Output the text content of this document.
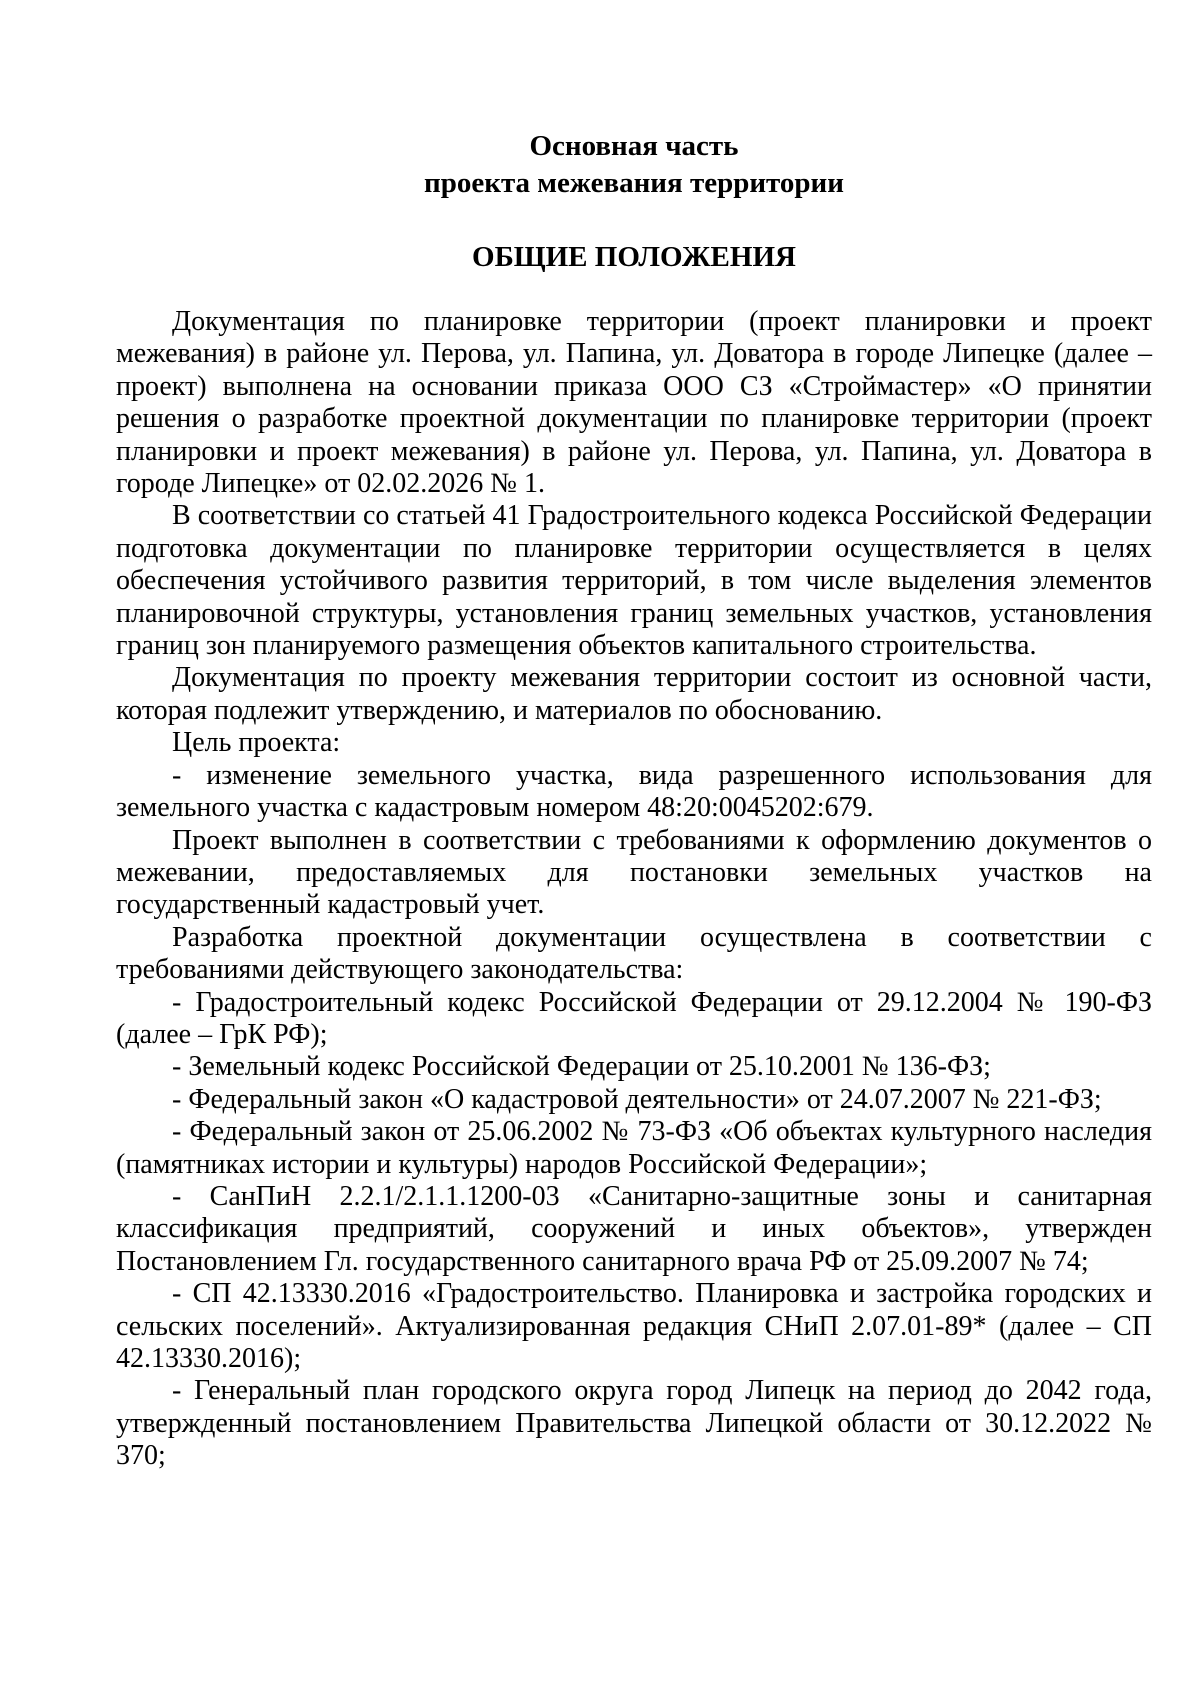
Основная часть
проекта межевания территории
ОБЩИЕ ПОЛОЖЕНИЯ

Документация по планировке территории (проект планировки и проект межевания) в районе ул. Перова, ул. Папина, ул. Доватора в городе Липецке (далее – проект) выполнена на основании приказа ООО СЗ «Строймастер» «О принятии решения о разработке проектной документации по планировке территории (проект планировки и проект межевания) в районе ул. Перова, ул. Папина, ул. Доватора в городе Липецке» от 02.02.2026 № 1.

В соответствии со статьей 41 Градостроительного кодекса Российской Федерации подготовка документации по планировке территории осуществляется в целях обеспечения устойчивого развития территорий, в том числе выделения элементов планировочной структуры, установления границ земельных участков, установления границ зон планируемого размещения объектов капитального строительства.

Документация по проекту межевания территории состоит из основной части, которая подлежит утверждению, и материалов по обоснованию.

Цель проекта:

- изменение земельного участка, вида разрешенного использования для земельного участка с кадастровым номером 48:20:0045202:679.

Проект выполнен в соответствии с требованиями к оформлению документов о межевании, предоставляемых для постановки земельных участков на государственный кадастровый учет.

Разработка проектной документации осуществлена в соответствии с требованиями действующего законодательства:

- Градостроительный кодекс Российской Федерации от 29.12.2004 № 190-ФЗ (далее – ГрК РФ);

- Земельный кодекс Российской Федерации от 25.10.2001 № 136-ФЗ;

- Федеральный закон «О кадастровой деятельности» от 24.07.2007 № 221-ФЗ;

- Федеральный закон от 25.06.2002 № 73-ФЗ «Об объектах культурного наследия (памятниках истории и культуры) народов Российской Федерации»;

- СанПиН 2.2.1/2.1.1.1200-03 «Санитарно-защитные зоны и санитарная классификация предприятий, сооружений и иных объектов», утвержден Постановлением Гл. государственного санитарного врача РФ от 25.09.2007 № 74;

- СП 42.13330.2016 «Градостроительство. Планировка и застройка городских и сельских поселений». Актуализированная редакция СНиП 2.07.01-89* (далее – СП 42.13330.2016);

- Генеральный план городского округа город Липецк на период до 2042 года, утвержденный постановлением Правительства Липецкой области от 30.12.2022 № 370;
